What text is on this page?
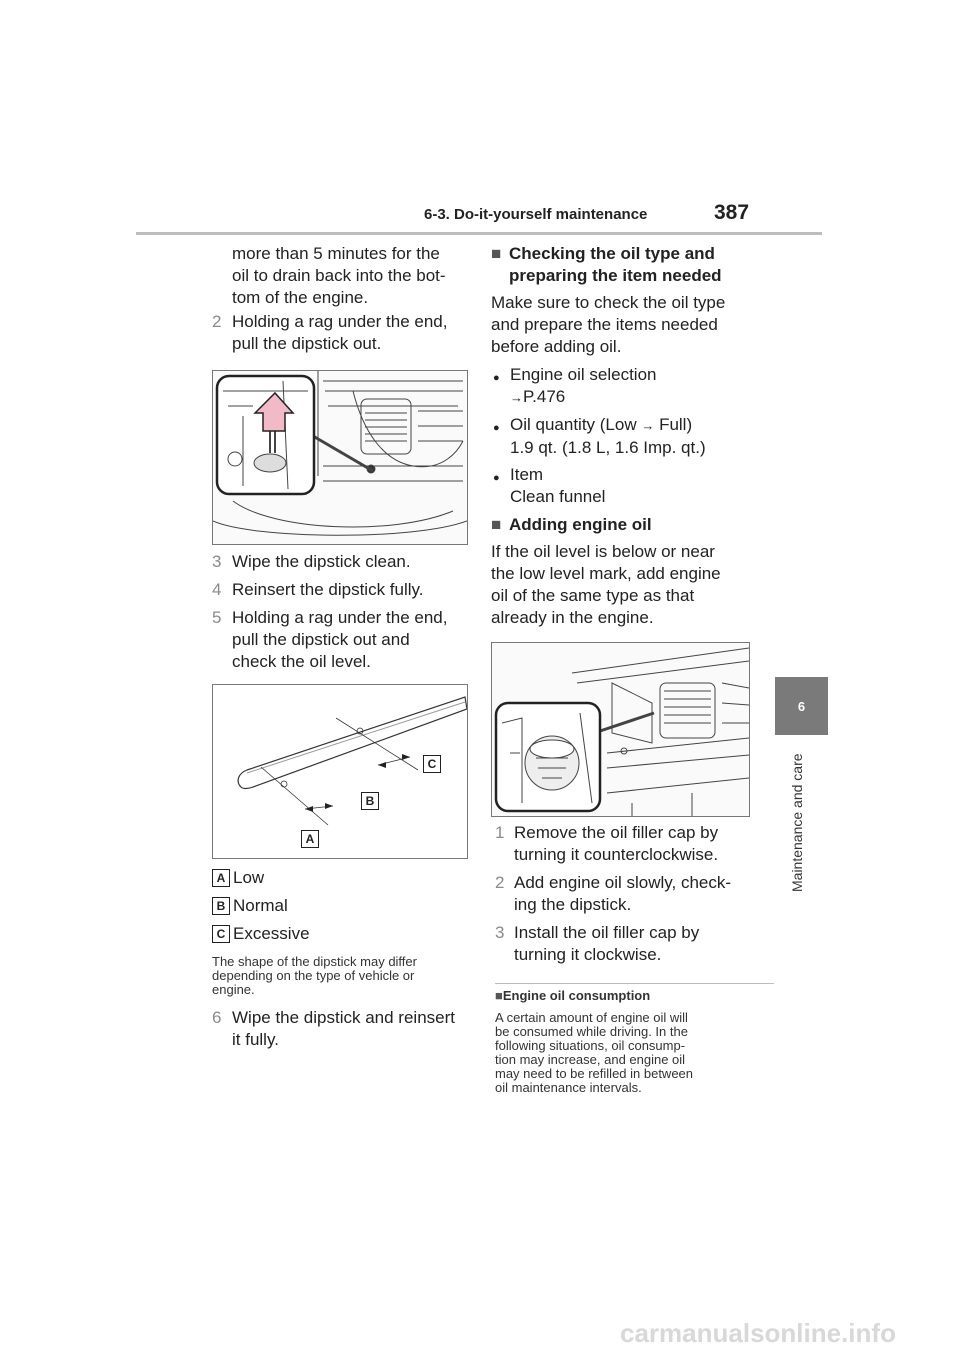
6-3. Do-it-yourself maintenance	387
6
Maintenance and care
more than 5 minutes for the
oil to drain back into the bot-
tom of the engine.
2 Holding a rag under the end,
pull the dipstick out.
3 Wipe the dipstick clean.
4 Reinsert the dipstick fully.
5 Holding a rag under the end,
pull the dipstick out and
check the oil level.
A
B
C
A Low
B Normal
C Excessive
The shape of the dipstick may differ
depending on the type of vehicle or
engine.
6 Wipe the dipstick and reinsert
it fully.
■ Checking the oil type and
preparing the item needed
Make sure to check the oil type
and prepare the items needed
before adding oil.
● Engine oil selection
→P.476
● Oil quantity (Low → Full)
1.9 qt. (1.8 L, 1.6 Imp. qt.)
● Item
Clean funnel
■ Adding engine oil
If the oil level is below or near
the low level mark, add engine
oil of the same type as that
already in the engine.
1 Remove the oil filler cap by
turning it counterclockwise.
2 Add engine oil slowly, check-
ing the dipstick.
3 Install the oil filler cap by
turning it clockwise.
■Engine oil consumption
A certain amount of engine oil will
be consumed while driving. In the
following situations, oil consump-
tion may increase, and engine oil
may need to be refilled in between
oil maintenance intervals.
carmanualsonline.info
